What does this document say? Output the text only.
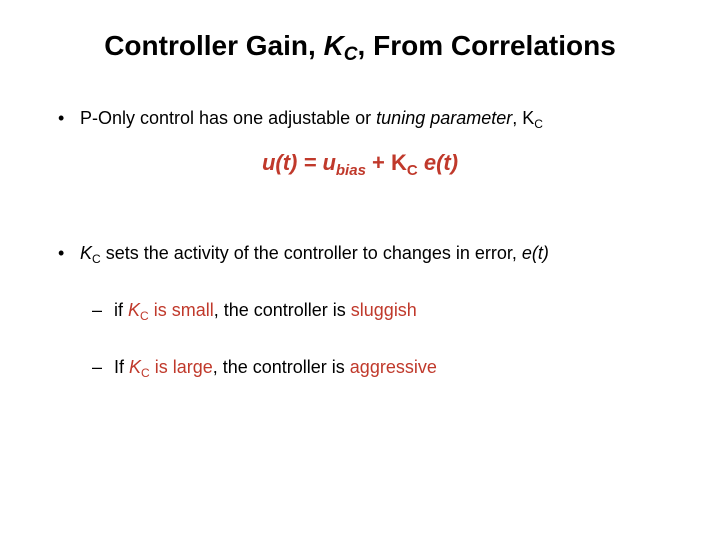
Controller Gain, $K_C$, From Correlations
• P-Only control has one adjustable or tuning parameter, $K_C$
$u(t) = u_{bias} + K_C$ e(t)
• $K_C$ sets the activity of the controller to changes in error, e(t)
– if $K_C$ is small, the controller is sluggish
– If $K_C$ is large, the controller is aggressive
